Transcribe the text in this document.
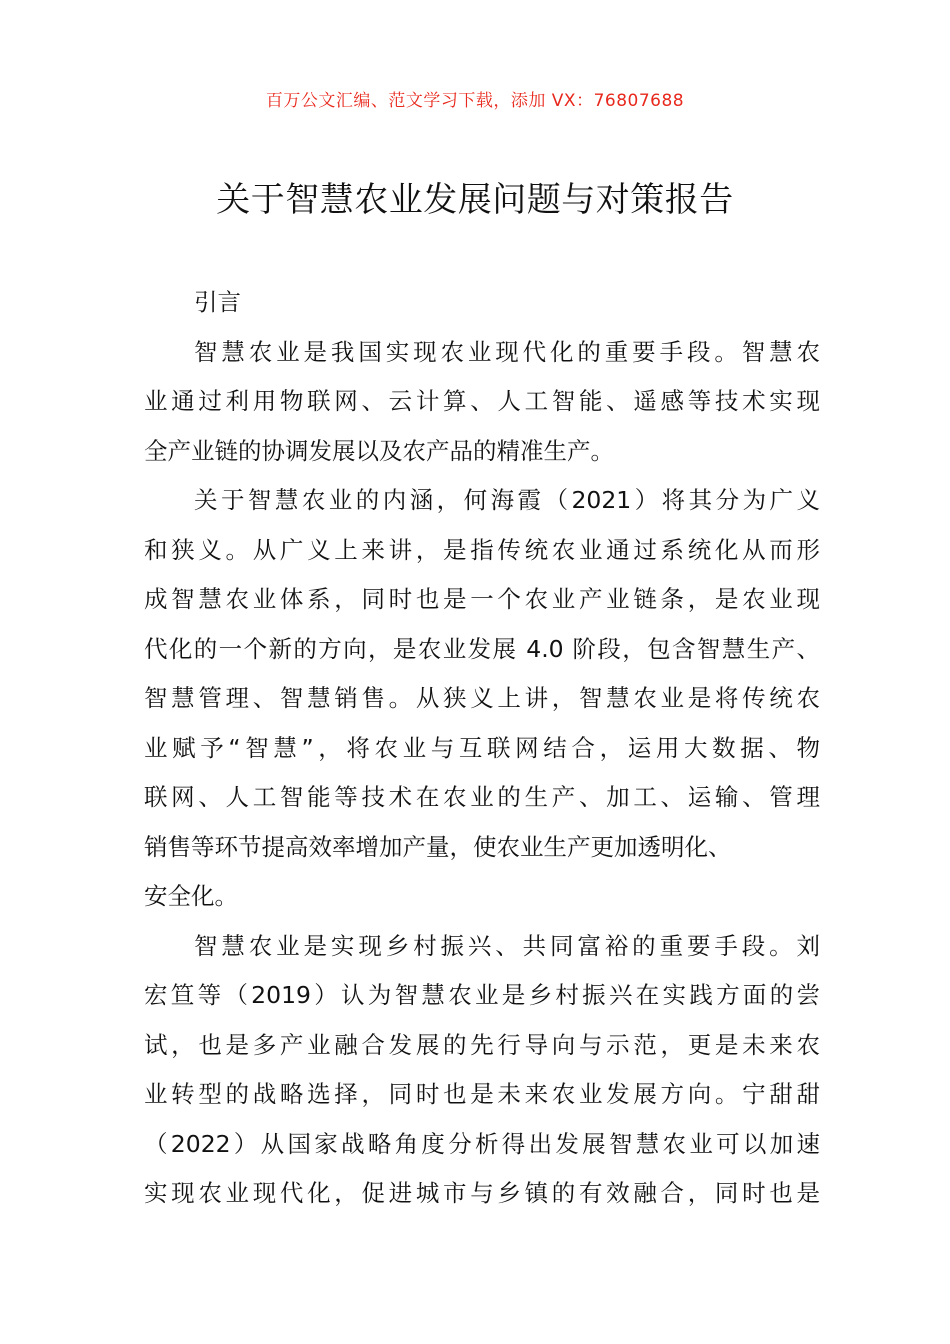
百万公文汇编、范文学习下载，添加 VX：76807688
关于智慧农业发展问题与对策报告
引言
智慧农业是我国实现农业现代化的重要手段。智慧农
业通过利用物联网、云计算、人工智能、遥感等技术实现
全产业链的协调发展以及农产品的精准生产。
关于智慧农业的内涵，何海霞（2021）将其分为广义
和狭义。从广义上来讲，是指传统农业通过系统化从而形
成智慧农业体系，同时也是一个农业产业链条，是农业现
代化的一个新的方向，是农业发展 4.0 阶段，包含智慧生产、
智慧管理、智慧销售。从狭义上讲，智慧农业是将传统农
业赋予“智慧”，将农业与互联网结合，运用大数据、物
联网、人工智能等技术在农业的生产、加工、运输、管理
销售等环节提高效率增加产量，使农业生产更加透明化、
安全化。
智慧农业是实现乡村振兴、共同富裕的重要手段。刘
宏笪等（2019）认为智慧农业是乡村振兴在实践方面的尝
试，也是多产业融合发展的先行导向与示范，更是未来农
业转型的战略选择，同时也是未来农业发展方向。宁甜甜
（2022）从国家战略角度分析得出发展智慧农业可以加速
实现农业现代化，促进城市与乡镇的有效融合，同时也是
